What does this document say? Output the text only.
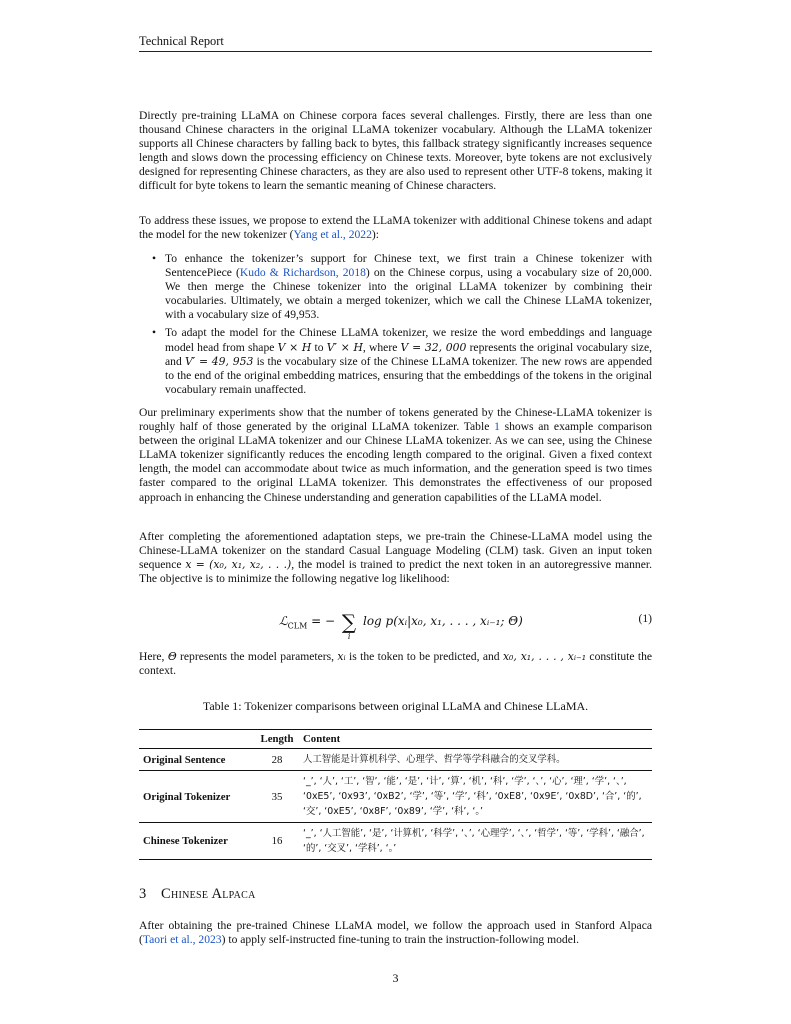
Technical Report

Directly pre-training LLaMA on Chinese corpora faces several challenges. Firstly, there are less than one thousand Chinese characters in the original LLaMA tokenizer vocabulary. Although the LLaMA tokenizer supports all Chinese characters by falling back to bytes, this fallback strategy significantly increases sequence length and slows down the processing efficiency on Chinese texts. Moreover, byte tokens are not exclusively designed for representing Chinese characters, as they are also used to represent other UTF-8 tokens, making it difficult for byte tokens to learn the semantic meaning of Chinese characters.

To address these issues, we propose to extend the LLaMA tokenizer with additional Chinese tokens and adapt the model for the new tokenizer (Yang et al., 2022):

• To enhance the tokenizer’s support for Chinese text, we first train a Chinese tokenizer with SentencePiece (Kudo & Richardson, 2018) on the Chinese corpus, using a vocabulary size of 20,000. We then merge the Chinese tokenizer into the original LLaMA tokenizer by combining their vocabularies. Ultimately, we obtain a merged tokenizer, which we call the Chinese LLaMA tokenizer, with a vocabulary size of 49,953.
• To adapt the model for the Chinese LLaMA tokenizer, we resize the word embeddings and language model head from shape V × H to V′ × H, where V = 32, 000 represents the original vocabulary size, and V′ = 49, 953 is the vocabulary size of the Chinese LLaMA tokenizer. The new rows are appended to the end of the original embedding matrices, ensuring that the embeddings of the tokens in the original vocabulary remain unaffected.

Our preliminary experiments show that the number of tokens generated by the Chinese-LLaMA tokenizer is roughly half of those generated by the original LLaMA tokenizer. Table 1 shows an example comparison between the original LLaMA tokenizer and our Chinese LLaMA tokenizer. As we can see, using the Chinese LLaMA tokenizer significantly reduces the encoding length compared to the original. Given a fixed context length, the model can accommodate about twice as much information, and the generation speed is two times faster compared to the original LLaMA tokenizer. This demonstrates the effectiveness of our proposed approach in enhancing the Chinese understanding and generation capabilities of the LLaMA model.

After completing the aforementioned adaptation steps, we pre-train the Chinese-LLaMA model using the Chinese-LLaMA tokenizer on the standard Casual Language Modeling (CLM) task. Given an input token sequence x = (x₀, x₁, x₂, . . .), the model is trained to predict the next token in an autoregressive manner. The objective is to minimize the following negative log likelihood:

ℒ$_{CLM}$ = − ∑
i
log p(xᵢ|x₀, x₁, . . . , xᵢ₋₁; Θ)	(1)

Here, Θ represents the model parameters, xᵢ is the token to be predicted, and x₀, x₁, . . . , xᵢ₋₁ constitute the context.

Table 1: Tokenizer comparisons between original LLaMA and Chinese LLaMA.
	Length	Content
Original Sentence	28	人工智能是计算机科学、心理学、哲学等学科融合的交叉学科。
Original Tokenizer	35	‘_’, ‘人’, ‘工’, ‘智’, ‘能’, ‘是’, ‘计’, ‘算’, ‘机’, ‘科’, ‘学’, ‘、’, ‘心’, ‘理’, ‘学’, ‘、’, ‘0xE5’, ‘0x93’, ‘0xB2’, ‘学’, ‘等’, ‘学’, ‘科’, ‘0xE8’, ‘0x9E’, ‘0x8D’, ‘合’, ‘的’, ‘交’, ‘0xE5’, ‘0x8F’, ‘0x89’, ‘学’, ‘科’, ‘。’
Chinese Tokenizer	16	‘_’, ‘人工智能’, ‘是’, ‘计算机’, ‘科学’, ‘、’, ‘心理学’, ‘、’, ‘哲学’, ‘等’, ‘学科’, ‘融合’, ‘的’, ‘交叉’, ‘学科’, ‘。’
3 Chinese Alpaca

After obtaining the pre-trained Chinese LLaMA model, we follow the approach used in Stanford Alpaca (Taori et al., 2023) to apply self-instructed fine-tuning to train the instruction-following model.

3
